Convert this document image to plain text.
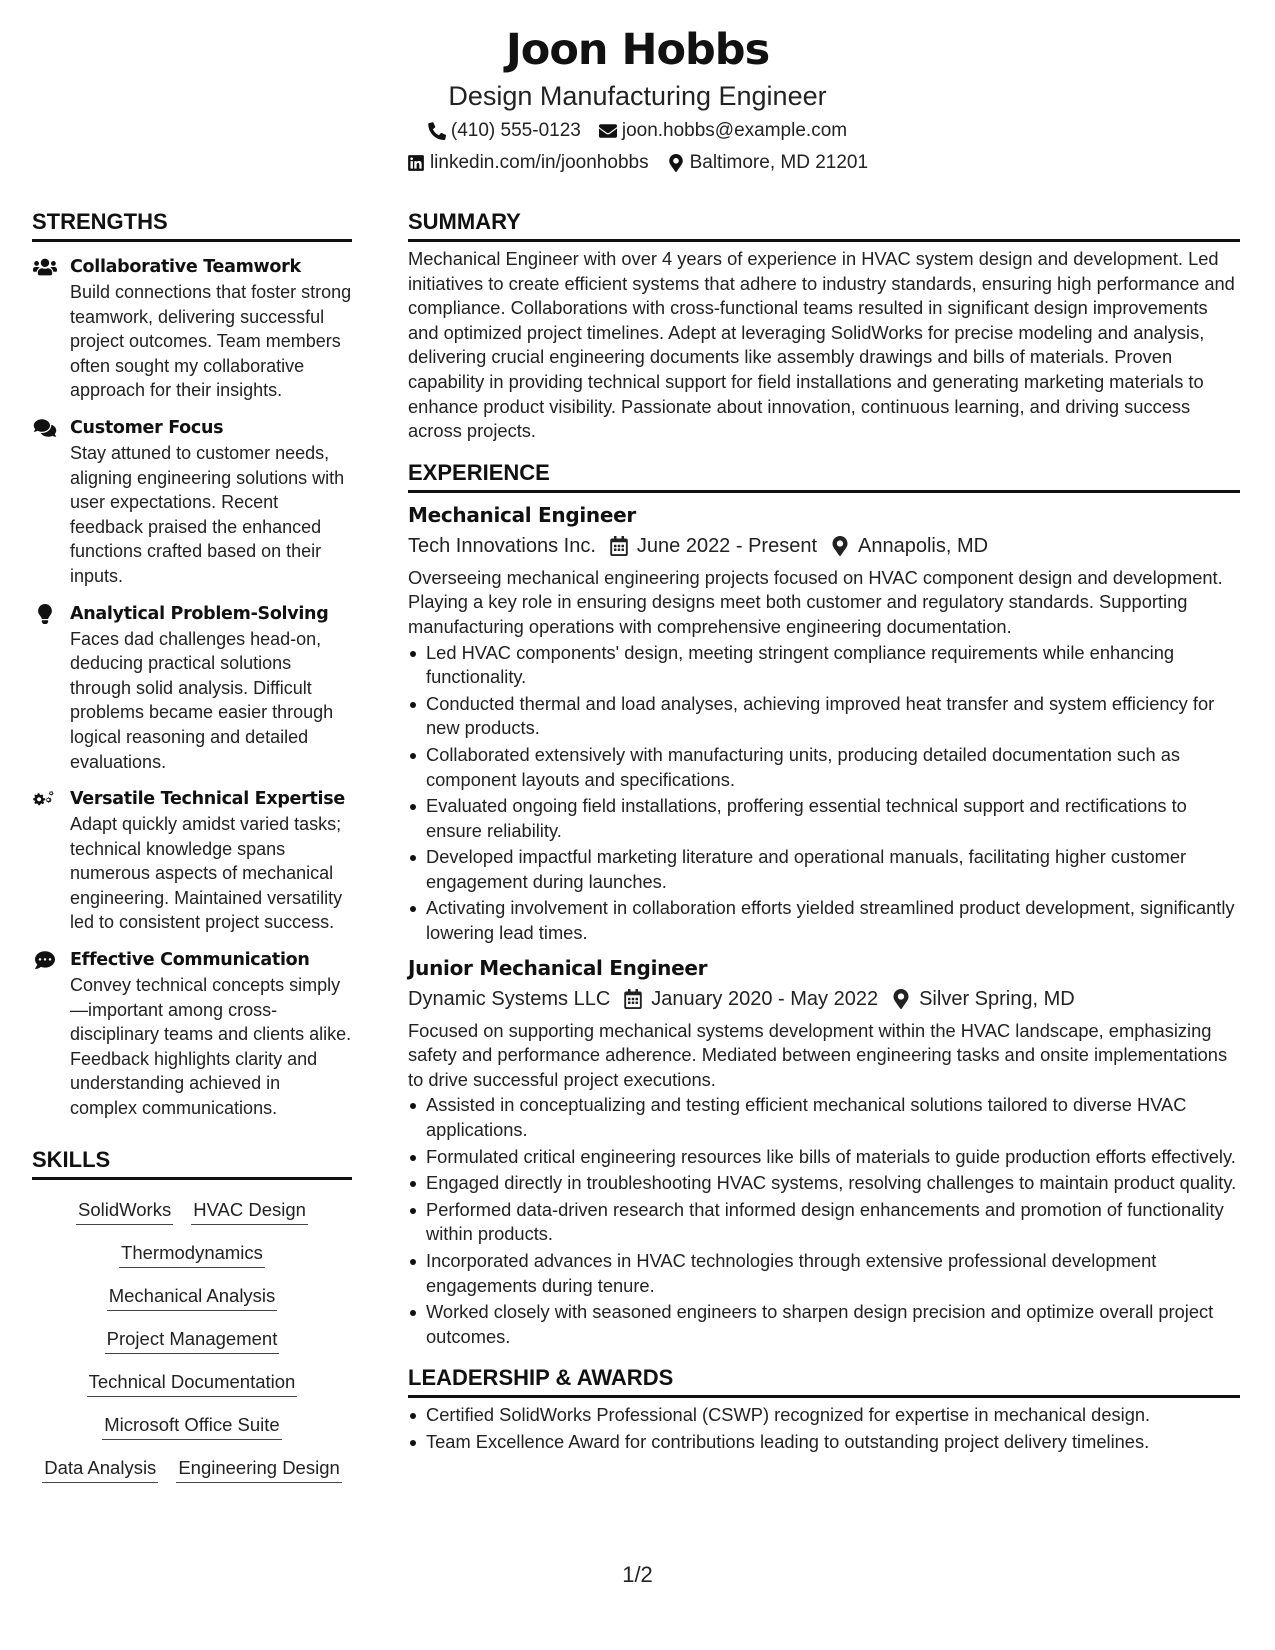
Joon Hobbs
Design Manufacturing Engineer
(410) 555-0123 joon.hobbs@example.com
linkedin.com/in/joonhobbs Baltimore, MD 21201
STRENGTHS
Collaborative Teamwork
Build connections that foster strong teamwork, delivering successful project outcomes. Team members often sought my collaborative approach for their insights.
Customer Focus
Stay attuned to customer needs, aligning engineering solutions with user expectations. Recent feedback praised the enhanced functions crafted based on their inputs.
Analytical Problem-Solving
Faces dad challenges head-on, deducing practical solutions through solid analysis. Difficult problems became easier through logical reasoning and detailed evaluations.
Versatile Technical Expertise
Adapt quickly amidst varied tasks; technical knowledge spans numerous aspects of mechanical engineering. Maintained versatility led to consistent project success.
Effective Communication
Convey technical concepts simply—important among cross-disciplinary teams and clients alike. Feedback highlights clarity and understanding achieved in complex communications.
SKILLS
SolidWorks HVAC Design
Thermodynamics
Mechanical Analysis
Project Management
Technical Documentation
Microsoft Office Suite
Data Analysis Engineering Design
SUMMARY
Mechanical Engineer with over 4 years of experience in HVAC system design and development. Led initiatives to create efficient systems that adhere to industry standards, ensuring high performance and compliance. Collaborations with cross-functional teams resulted in significant design improvements and optimized project timelines. Adept at leveraging SolidWorks for precise modeling and analysis, delivering crucial engineering documents like assembly drawings and bills of materials. Proven capability in providing technical support for field installations and generating marketing materials to enhance product visibility. Passionate about innovation, continuous learning, and driving success across projects.
EXPERIENCE
Mechanical Engineer
Tech Innovations Inc. June 2022 - Present Annapolis, MD
Overseeing mechanical engineering projects focused on HVAC component design and development. Playing a key role in ensuring designs meet both customer and regulatory standards. Supporting manufacturing operations with comprehensive engineering documentation.
Led HVAC components' design, meeting stringent compliance requirements while enhancing functionality.
Conducted thermal and load analyses, achieving improved heat transfer and system efficiency for new products.
Collaborated extensively with manufacturing units, producing detailed documentation such as component layouts and specifications.
Evaluated ongoing field installations, proffering essential technical support and rectifications to ensure reliability.
Developed impactful marketing literature and operational manuals, facilitating higher customer engagement during launches.
Activating involvement in collaboration efforts yielded streamlined product development, significantly lowering lead times.
Junior Mechanical Engineer
Dynamic Systems LLC January 2020 - May 2022 Silver Spring, MD
Focused on supporting mechanical systems development within the HVAC landscape, emphasizing safety and performance adherence. Mediated between engineering tasks and onsite implementations to drive successful project executions.
Assisted in conceptualizing and testing efficient mechanical solutions tailored to diverse HVAC applications.
Formulated critical engineering resources like bills of materials to guide production efforts effectively.
Engaged directly in troubleshooting HVAC systems, resolving challenges to maintain product quality.
Performed data-driven research that informed design enhancements and promotion of functionality within products.
Incorporated advances in HVAC technologies through extensive professional development engagements during tenure.
Worked closely with seasoned engineers to sharpen design precision and optimize overall project outcomes.
LEADERSHIP & AWARDS
Certified SolidWorks Professional (CSWP) recognized for expertise in mechanical design.
Team Excellence Award for contributions leading to outstanding project delivery timelines.
1/2
